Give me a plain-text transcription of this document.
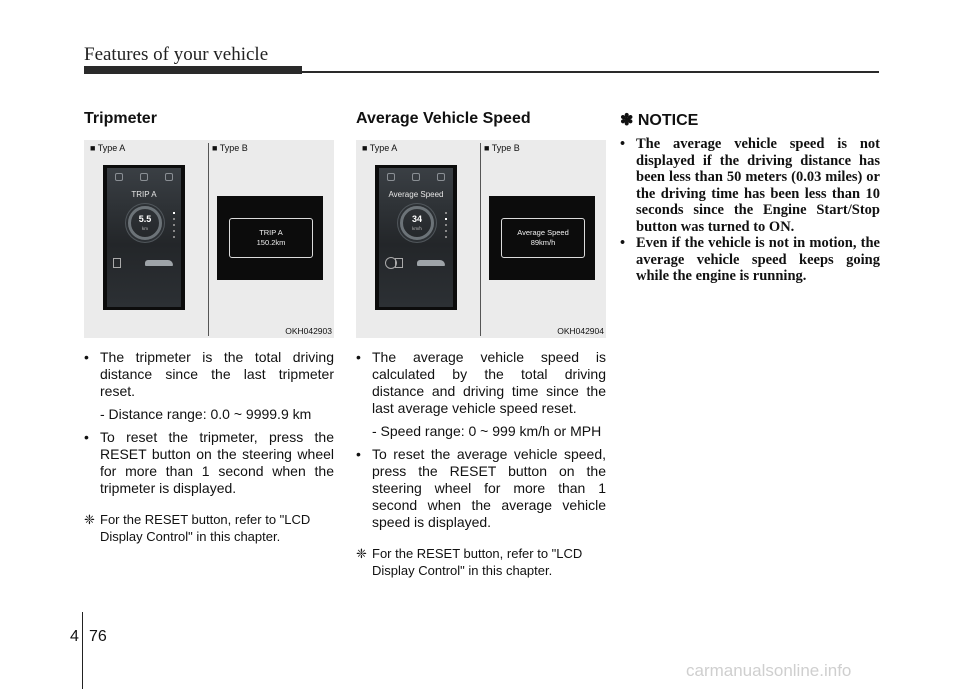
Features of your vehicle
Tripmeter
■ Type A	■ Type B
TRIP A
5.5
km	TRIP A
150.2km
OKH042903
• The tripmeter is the total driving distance since the last tripmeter reset.
- Distance range: 0.0 ~ 9999.9 km
• To reset the tripmeter, press the RESET button on the steering wheel for more than 1 second when the tripmeter is displayed.
❈ For the RESET button, refer to "LCD Display Control" in this chapter.
Average Vehicle Speed
■ Type A	■ Type B
Average Speed
34
km/h	Average Speed
89km/h
OKH042904
• The average vehicle speed is calculated by the total driving distance and driving time since the last average vehicle speed reset.
- Speed range: 0 ~ 999 km/h or MPH
• To reset the average vehicle speed, press the RESET button on the steering wheel for more than 1 second when the average vehicle speed is displayed.
❈ For the RESET button, refer to "LCD Display Control" in this chapter.
✽ NOTICE
• The average vehicle speed is not displayed if the driving distance has been less than 50 meters (0.03 miles) or the driving time has been less than 10 seconds since the Engine Start/Stop button was turned to ON.
• Even if the vehicle is not in motion, the average vehicle speed keeps going while the engine is running.
4 76
carmanualsonline.info
